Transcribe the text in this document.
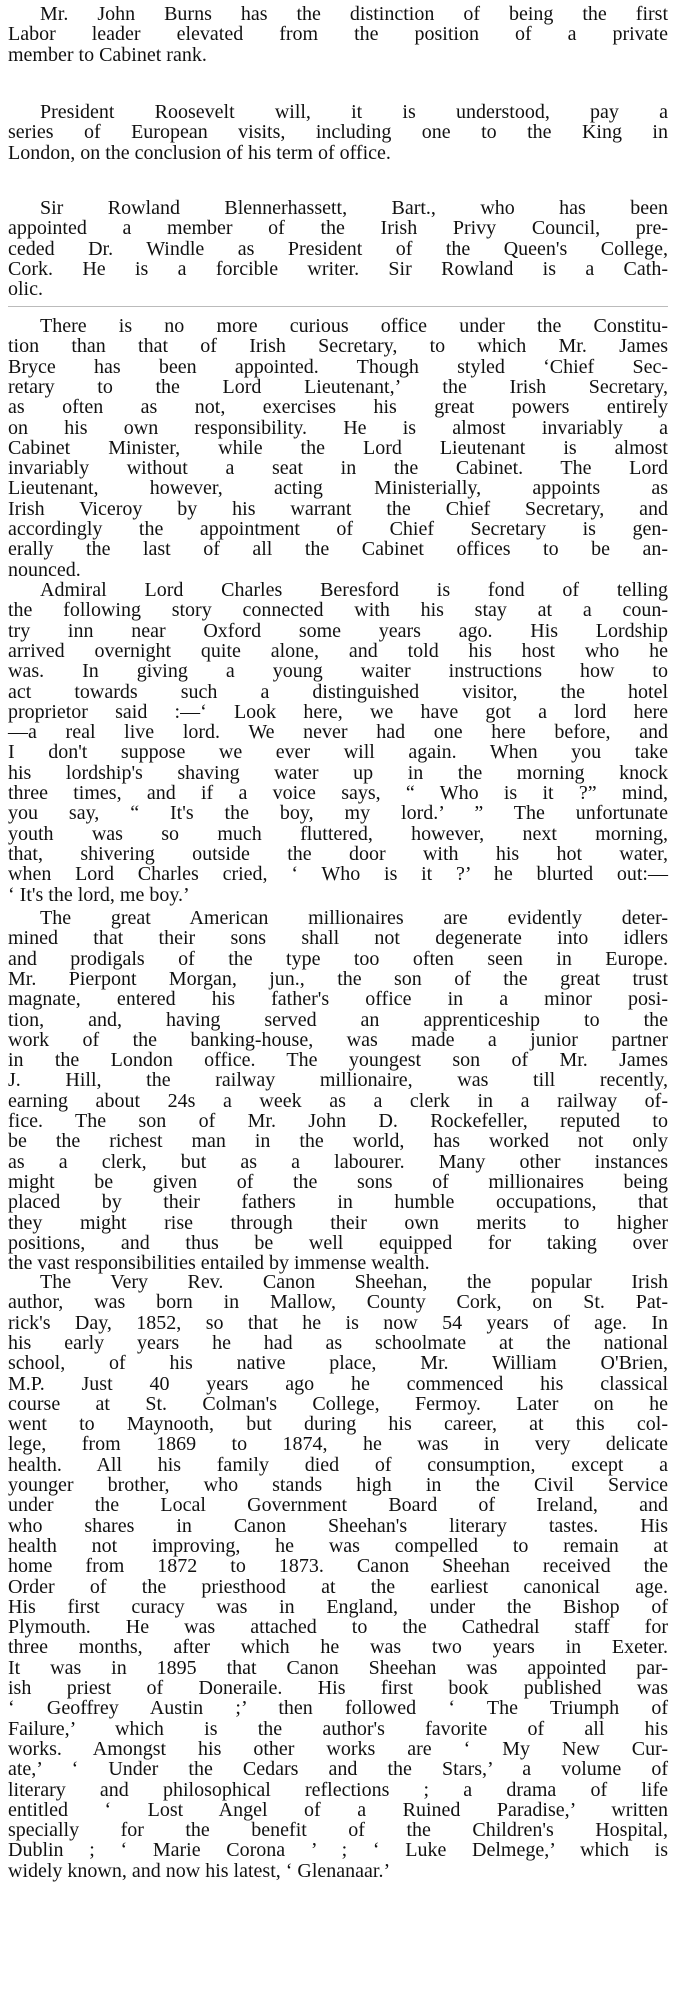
Mr. John Burns has the distinction of being the first
Labor leader elevated from the position of a private
member to Cabinet rank.
President Roosevelt will, it is understood, pay a
series of European visits, including one to the King in
London, on the conclusion of his term of office.
Sir Rowland Blennerhassett, Bart., who has been
appointed a member of the Irish Privy Council, pre-
ceded Dr. Windle as President of the Queen's College,
Cork. He is a forcible writer. Sir Rowland is a Cath-
olic.
There is no more curious office under the Constitu-
tion than that of Irish Secretary, to which Mr. James
Bryce has been appointed. Though styled ‘Chief Sec-
retary to the Lord Lieutenant,’ the Irish Secretary,
as often as not, exercises his great powers entirely
on his own responsibility. He is almost invariably a
Cabinet Minister, while the Lord Lieutenant is almost
invariably without a seat in the Cabinet. The Lord
Lieutenant, however, acting Ministerially, appoints as
Irish Viceroy by his warrant the Chief Secretary, and
accordingly the appointment of Chief Secretary is gen-
erally the last of all the Cabinet offices to be an-
nounced.
Admiral Lord Charles Beresford is fond of telling
the following story connected with his stay at a coun-
try inn near Oxford some years ago. His Lordship
arrived overnight quite alone, and told his host who he
was. In giving a young waiter instructions how to
act towards such a distinguished visitor, the hotel
proprietor said :—‘ Look here, we have got a lord here
—a real live lord. We never had one here before, and
I don't suppose we ever will again. When you take
his lordship's shaving water up in the morning knock
three times, and if a voice says, “ Who is it ?” mind,
you say, “ It's the boy, my lord.’ ” The unfortunate
youth was so much fluttered, however, next morning,
that, shivering outside the door with his hot water,
when Lord Charles cried, ‘ Who is it ?’ he blurted out:—
‘ It's the lord, me boy.’
The great American millionaires are evidently deter-
mined that their sons shall not degenerate into idlers
and prodigals of the type too often seen in Europe.
Mr. Pierpont Morgan, jun., the son of the great trust
magnate, entered his father's office in a minor posi-
tion, and, having served an apprenticeship to the
work of the banking-house, was made a junior partner
in the London office. The youngest son of Mr. James
J. Hill, the railway millionaire, was till recently,
earning about 24s a week as a clerk in a railway of-
fice. The son of Mr. John D. Rockefeller, reputed to
be the richest man in the world, has worked not only
as a clerk, but as a labourer. Many other instances
might be given of the sons of millionaires being
placed by their fathers in humble occupations, that
they might rise through their own merits to higher
positions, and thus be well equipped for taking over
the vast responsibilities entailed by immense wealth.
The Very Rev. Canon Sheehan, the popular Irish
author, was born in Mallow, County Cork, on St. Pat-
rick's Day, 1852, so that he is now 54 years of age. In
his early years he had as schoolmate at the national
school, of his native place, Mr. William O'Brien,
M.P. Just 40 years ago he commenced his classical
course at St. Colman's College, Fermoy. Later on he
went to Maynooth, but during his career, at this col-
lege, from 1869 to 1874, he was in very delicate
health. All his family died of consumption, except a
younger brother, who stands high in the Civil Service
under the Local Government Board of Ireland, and
who shares in Canon Sheehan's literary tastes. His
health not improving, he was compelled to remain at
home from 1872 to 1873. Canon Sheehan received the
Order of the priesthood at the earliest canonical age.
His first curacy was in England, under the Bishop of
Plymouth. He was attached to the Cathedral staff for
three months, after which he was two years in Exeter.
It was in 1895 that Canon Sheehan was appointed par-
ish priest of Doneraile. His first book published was
‘ Geoffrey Austin ;’ then followed ‘ The Triumph of
Failure,’ which is the author's favorite of all his
works. Amongst his other works are ‘ My New Cur-
ate,’ ‘ Under the Cedars and the Stars,’ a volume of
literary and philosophical reflections ; a drama of life
entitled ‘ Lost Angel of a Ruined Paradise,’ written
specially for the benefit of the Children's Hospital,
Dublin ; ‘ Marie Corona ’ ; ‘ Luke Delmege,’ which is
widely known, and now his latest, ‘ Glenanaar.’
